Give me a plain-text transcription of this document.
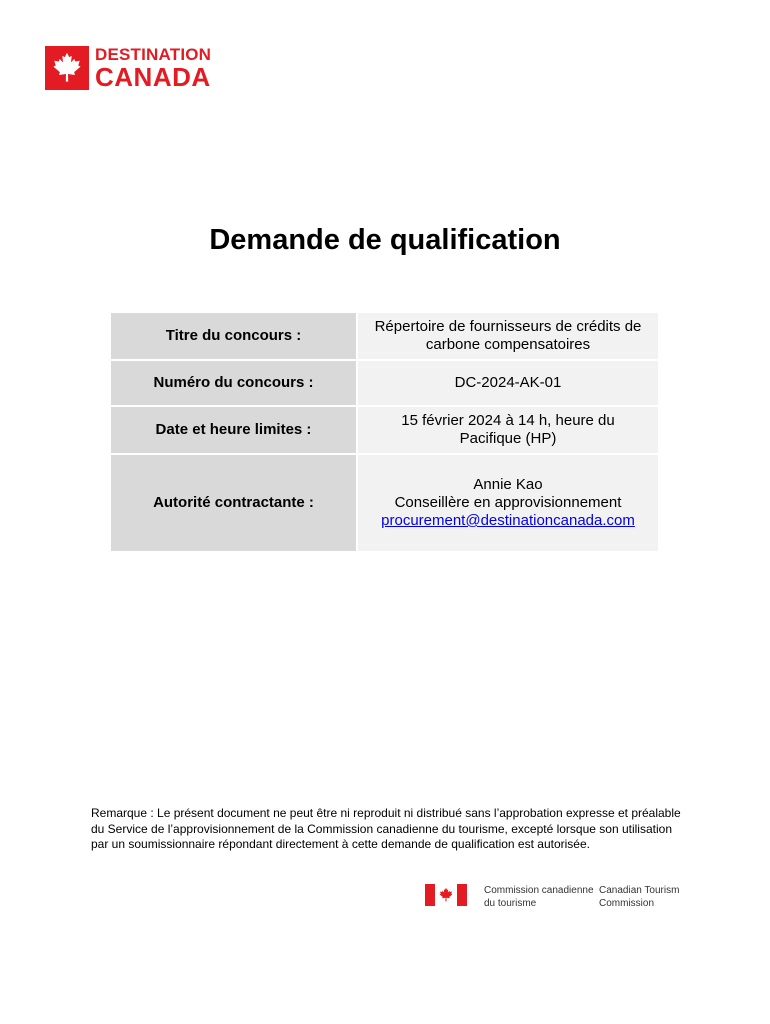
DESTINATION
CANADA
Demande de qualification
Titre du concours :	Répertoire de fournisseurs de crédits de
carbone compensatoires

Numéro du concours :	DC-2024-AK-01

Date et heure limites :	15 février 2024 à 14 h, heure du
Pacifique (HP)

Autorité contractante :	Annie Kao
Conseillère en approvisionnement
procurement@destinationcanada.com
Remarque : Le présent document ne peut être ni reproduit ni distribué sans l’approbation expresse et préalable du Service de l’approvisionnement de la Commission canadienne du tourisme, excepté lorsque son utilisation par un soumissionnaire répondant directement à cette demande de qualification est autorisée.
Commission canadienne
du tourisme
Canadian Tourism
Commission
